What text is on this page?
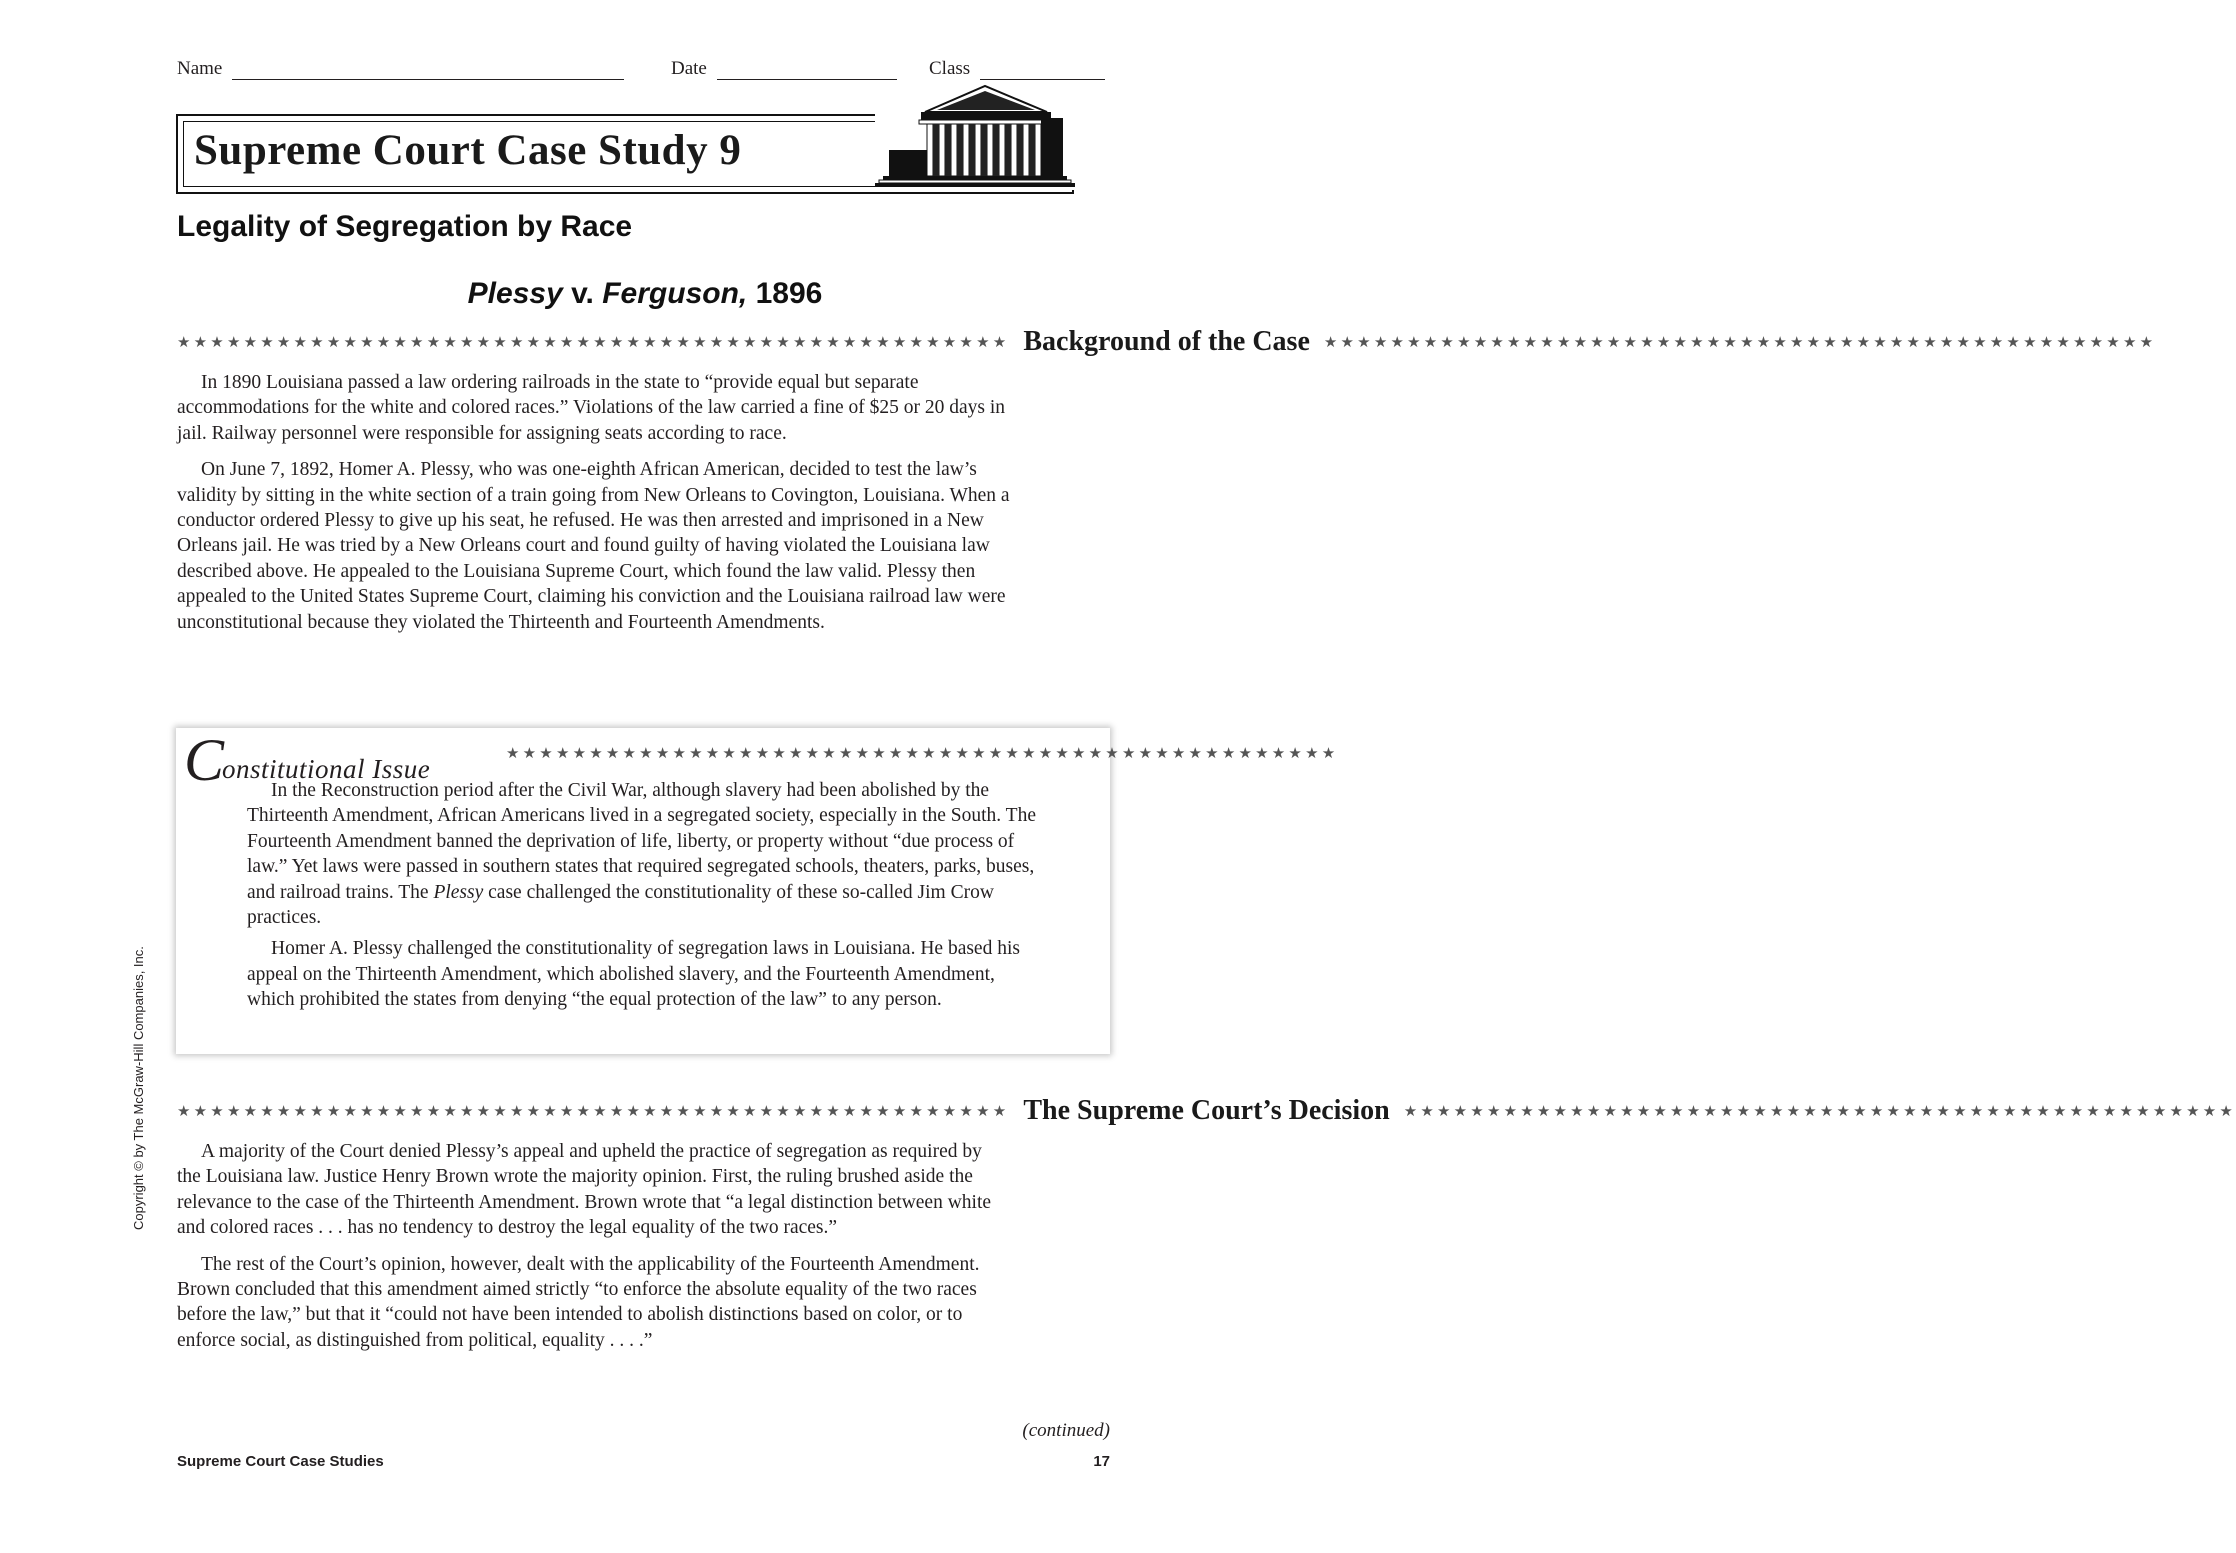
Name	Date	Class
Supreme Court Case Study 9
Legality of Segregation by Race
Plessy v. Ferguson, 1896
★★★★★★★★★★★★★★★★★★★★★★★★★★★★★★★★★★★★★★★★★★★★★★★★★★ Background of the Case ★★★★★★★★★★★★★★★★★★★★★★★★★★★★★★★★★★★★★★★★★★★★★★★★★★

In 1890 Louisiana passed a law ordering railroads in the state to “provide equal but separate accommodations for the white and colored races.” Violations of the law carried a fine of $25 or 20 days in jail. Railway personnel were responsible for assigning seats according to race.

On June 7, 1892, Homer A. Plessy, who was one-eighth African American, decided to test the law’s validity by sitting in the white section of a train going from New Orleans to Covington, Louisiana. When a conductor ordered Plessy to give up his seat, he refused. He was then arrested and imprisoned in a New Orleans jail. He was tried by a New Orleans court and found guilty of having violated the Louisiana law described above. He appealed to the Louisiana Supreme Court, which found the law valid. Plessy then appealed to the United States Supreme Court, claiming his conviction and the Louisiana railroad law were unconstitutional because they violated the Thirteenth and Fourteenth Amendments.

C
onstitutional Issue
★★★★★★★★★★★★★★★★★★★★★★★★★★★★★★★★★★★★★★★★★★★★★★★★★★

In the Reconstruction period after the Civil War, although slavery had been abolished by the Thirteenth Amendment, African Americans lived in a segregated society, especially in the South. The Fourteenth Amendment banned the deprivation of life, liberty, or property without “due process of law.” Yet laws were passed in southern states that required segregated schools, theaters, parks, buses, and railroad trains. The Plessy case challenged the constitutionality of these so-called Jim Crow practices.

Homer A. Plessy challenged the constitutionality of segregation laws in Louisiana. He based his appeal on the Thirteenth Amendment, which abolished slavery, and the Fourteenth Amendment, which prohibited the states from denying “the equal protection of the law” to any person.

★★★★★★★★★★★★★★★★★★★★★★★★★★★★★★★★★★★★★★★★★★★★★★★★★★ The Supreme Court’s Decision ★★★★★★★★★★★★★★★★★★★★★★★★★★★★★★★★★★★★★★★★★★★★★★★★★★

A majority of the Court denied Plessy’s appeal and upheld the practice of segregation as required by the Louisiana law. Justice Henry Brown wrote the majority opinion. First, the ruling brushed aside the relevance to the case of the Thirteenth Amendment. Brown wrote that “a legal distinction between white and colored races . . . has no tendency to destroy the legal equality of the two races.”

The rest of the Court’s opinion, however, dealt with the applicability of the Fourteenth Amendment. Brown concluded that this amendment aimed strictly “to enforce the absolute equality of the two races before the law,” but that it “could not have been intended to abolish distinctions based on color, or to enforce social, as distinguished from political, equality . . . .”

Copyright © by The McGraw-Hill Companies, Inc.
(continued)
Supreme Court Case Studies	17
